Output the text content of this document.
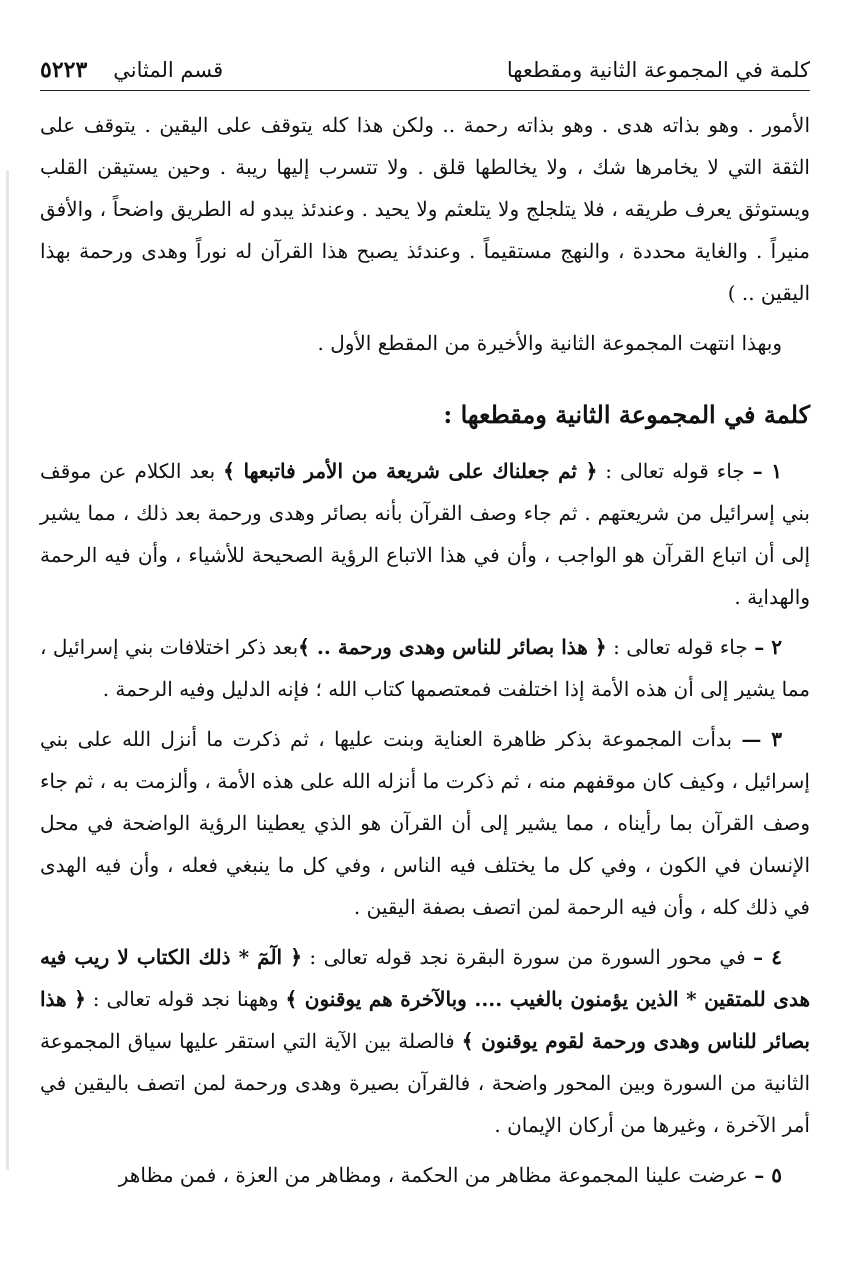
كلمة في المجموعة الثانية ومقطعها
قسم المثاني
٥٢٢٣

الأمور . وهو بذاته هدى . وهو بذاته رحمة .. ولكن هذا كله يتوقف على اليقين . يتوقف على الثقة التي لا يخامرها شك ، ولا يخالطها قلق . ولا تتسرب إليها ريبة . وحين يستيقن القلب ويستوثق يعرف طريقه ، فلا يتلجلج ولا يتلعثم ولا يحيد . وعندئذ يبدو له الطريق واضحاً ، والأفق منيراً . والغاية محددة ، والنهج مستقيماً . وعندئذ يصبح هذا القرآن له نوراً وهدى ورحمة بهذا اليقين .. )

وبهذا انتهت المجموعة الثانية والأخيرة من المقطع الأول .

كلمة في المجموعة الثانية ومقطعها :

١ – جاء قوله تعالى : ﴿ ثم جعلناك على شريعة من الأمر فاتبعها ﴾ بعد الكلام عن موقف بني إسرائيل من شريعتهم . ثم جاء وصف القرآن بأنه بصائر وهدى ورحمة بعد ذلك ، مما يشير إلى أن اتباع القرآن هو الواجب ، وأن في هذا الاتباع الرؤية الصحيحة للأشياء ، وأن فيه الرحمة والهداية .

٢ – جاء قوله تعالى : ﴿ هذا بصائر للناس وهدى ورحمة .. ﴾بعد ذكر اختلافات بني إسرائيل ، مما يشير إلى أن هذه الأمة إذا اختلفت فمعتصمها كتاب الله ؛ فإنه الدليل وفيه الرحمة .

٣ — بدأت المجموعة بذكر ظاهرة العناية وبنت عليها ، ثم ذكرت ما أنزل الله على بني إسرائيل ، وكيف كان موقفهم منه ، ثم ذكرت ما أنزله الله على هذه الأمة ، وألزمت به ، ثم جاء وصف القرآن بما رأيناه ، مما يشير إلى أن القرآن هو الذي يعطينا الرؤية الواضحة في محل الإنسان في الكون ، وفي كل ما يختلف فيه الناس ، وفي كل ما ينبغي فعله ، وأن فيه الهدى في ذلك كله ، وأن فيه الرحمة لمن اتصف بصفة اليقين .

٤ – في محور السورة من سورة البقرة نجد قوله تعالى : ﴿ الٓمٓ * ذلك الكتاب لا ريب فيه هدى للمتقين * الذين يؤمنون بالغيب .... وبالآخرة هم يوقنون ﴾ وههنا نجد قوله تعالى : ﴿ هذا بصائر للناس وهدى ورحمة لقوم يوقنون ﴾ فالصلة بين الآية التي استقر عليها سياق المجموعة الثانية من السورة وبين المحور واضحة ، فالقرآن بصيرة وهدى ورحمة لمن اتصف باليقين في أمر الآخرة ، وغيرها من أركان الإيمان .

٥ – عرضت علينا المجموعة مظاهر من الحكمة ، ومظاهر من العزة ، فمن مظاهر
